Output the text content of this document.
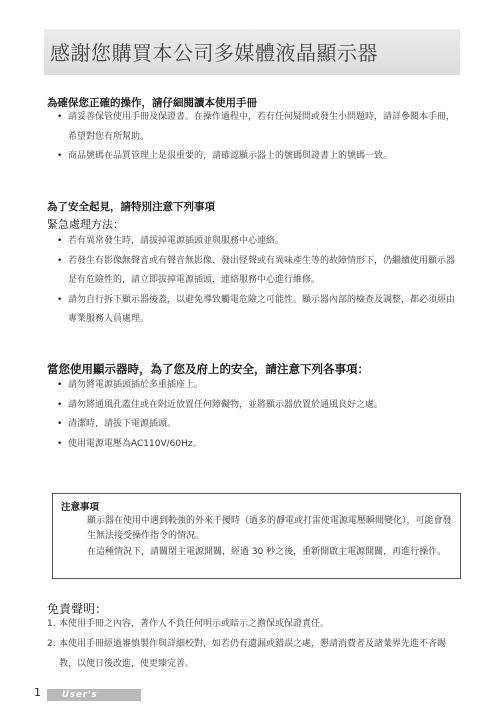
感謝您購買本公司多媒體液晶顯示器
為確保您正確的操作，請仔細閱讀本使用手冊
• 請妥善保管使用手冊及保證書。在操作過程中，若有任何疑問或發生小問題時，請詳參閱本手冊，希望對您有所幫助。
• 商品號碼在品質管理上是很重要的，請確認顯示器上的號碼與證書上的號碼一致。
為了安全起見，請特別注意下列事項
緊急處理方法：
• 若有異常發生時，請拔掉電源插頭並與服務中心連絡。
• 若發生有影像無聲音或有聲音無影像、發出怪聲或有異味產生等的故障情形下，仍繼續使用顯示器是有危險性的，請立即拔掉電源插頭，連絡服務中心進行維修。
• 請勿自行拆下顯示器後蓋，以避免導致觸電危險之可能性。顯示器內部的檢查及調整，都必須經由專業服務人員處理。
當您使用顯示器時，為了您及府上的安全，請注意下列各事項：
• 請勿將電源插頭插於多重插座上。
• 請勿將通風孔蓋住或在附近放置任何障礙物，並將顯示器放置於通風良好之處。
• 清潔時，請拔下電源插頭。
• 使用電源電壓為AC110V/60Hz。
注意事項

顯示器在使用中遇到較強的外來干擾時（過多的靜電或打雷使電源電壓瞬間變化），可能會發生無法接受操作指令的情況。

在這種情況下，請關閉主電源開關，經過 30 秒之後，重新開啟主電源開關，再進行操作。

免責聲明：
1. 本使用手冊之內容，著作人不負任何明示或暗示之擔保或保證責任。
2. 本使用手冊經過審慎製作與詳細校對，如若仍有遺漏或錯誤之處，懇請消費者及諸業界先進不吝賜教，以便日後改進，使更臻完善。
1 User's manual
